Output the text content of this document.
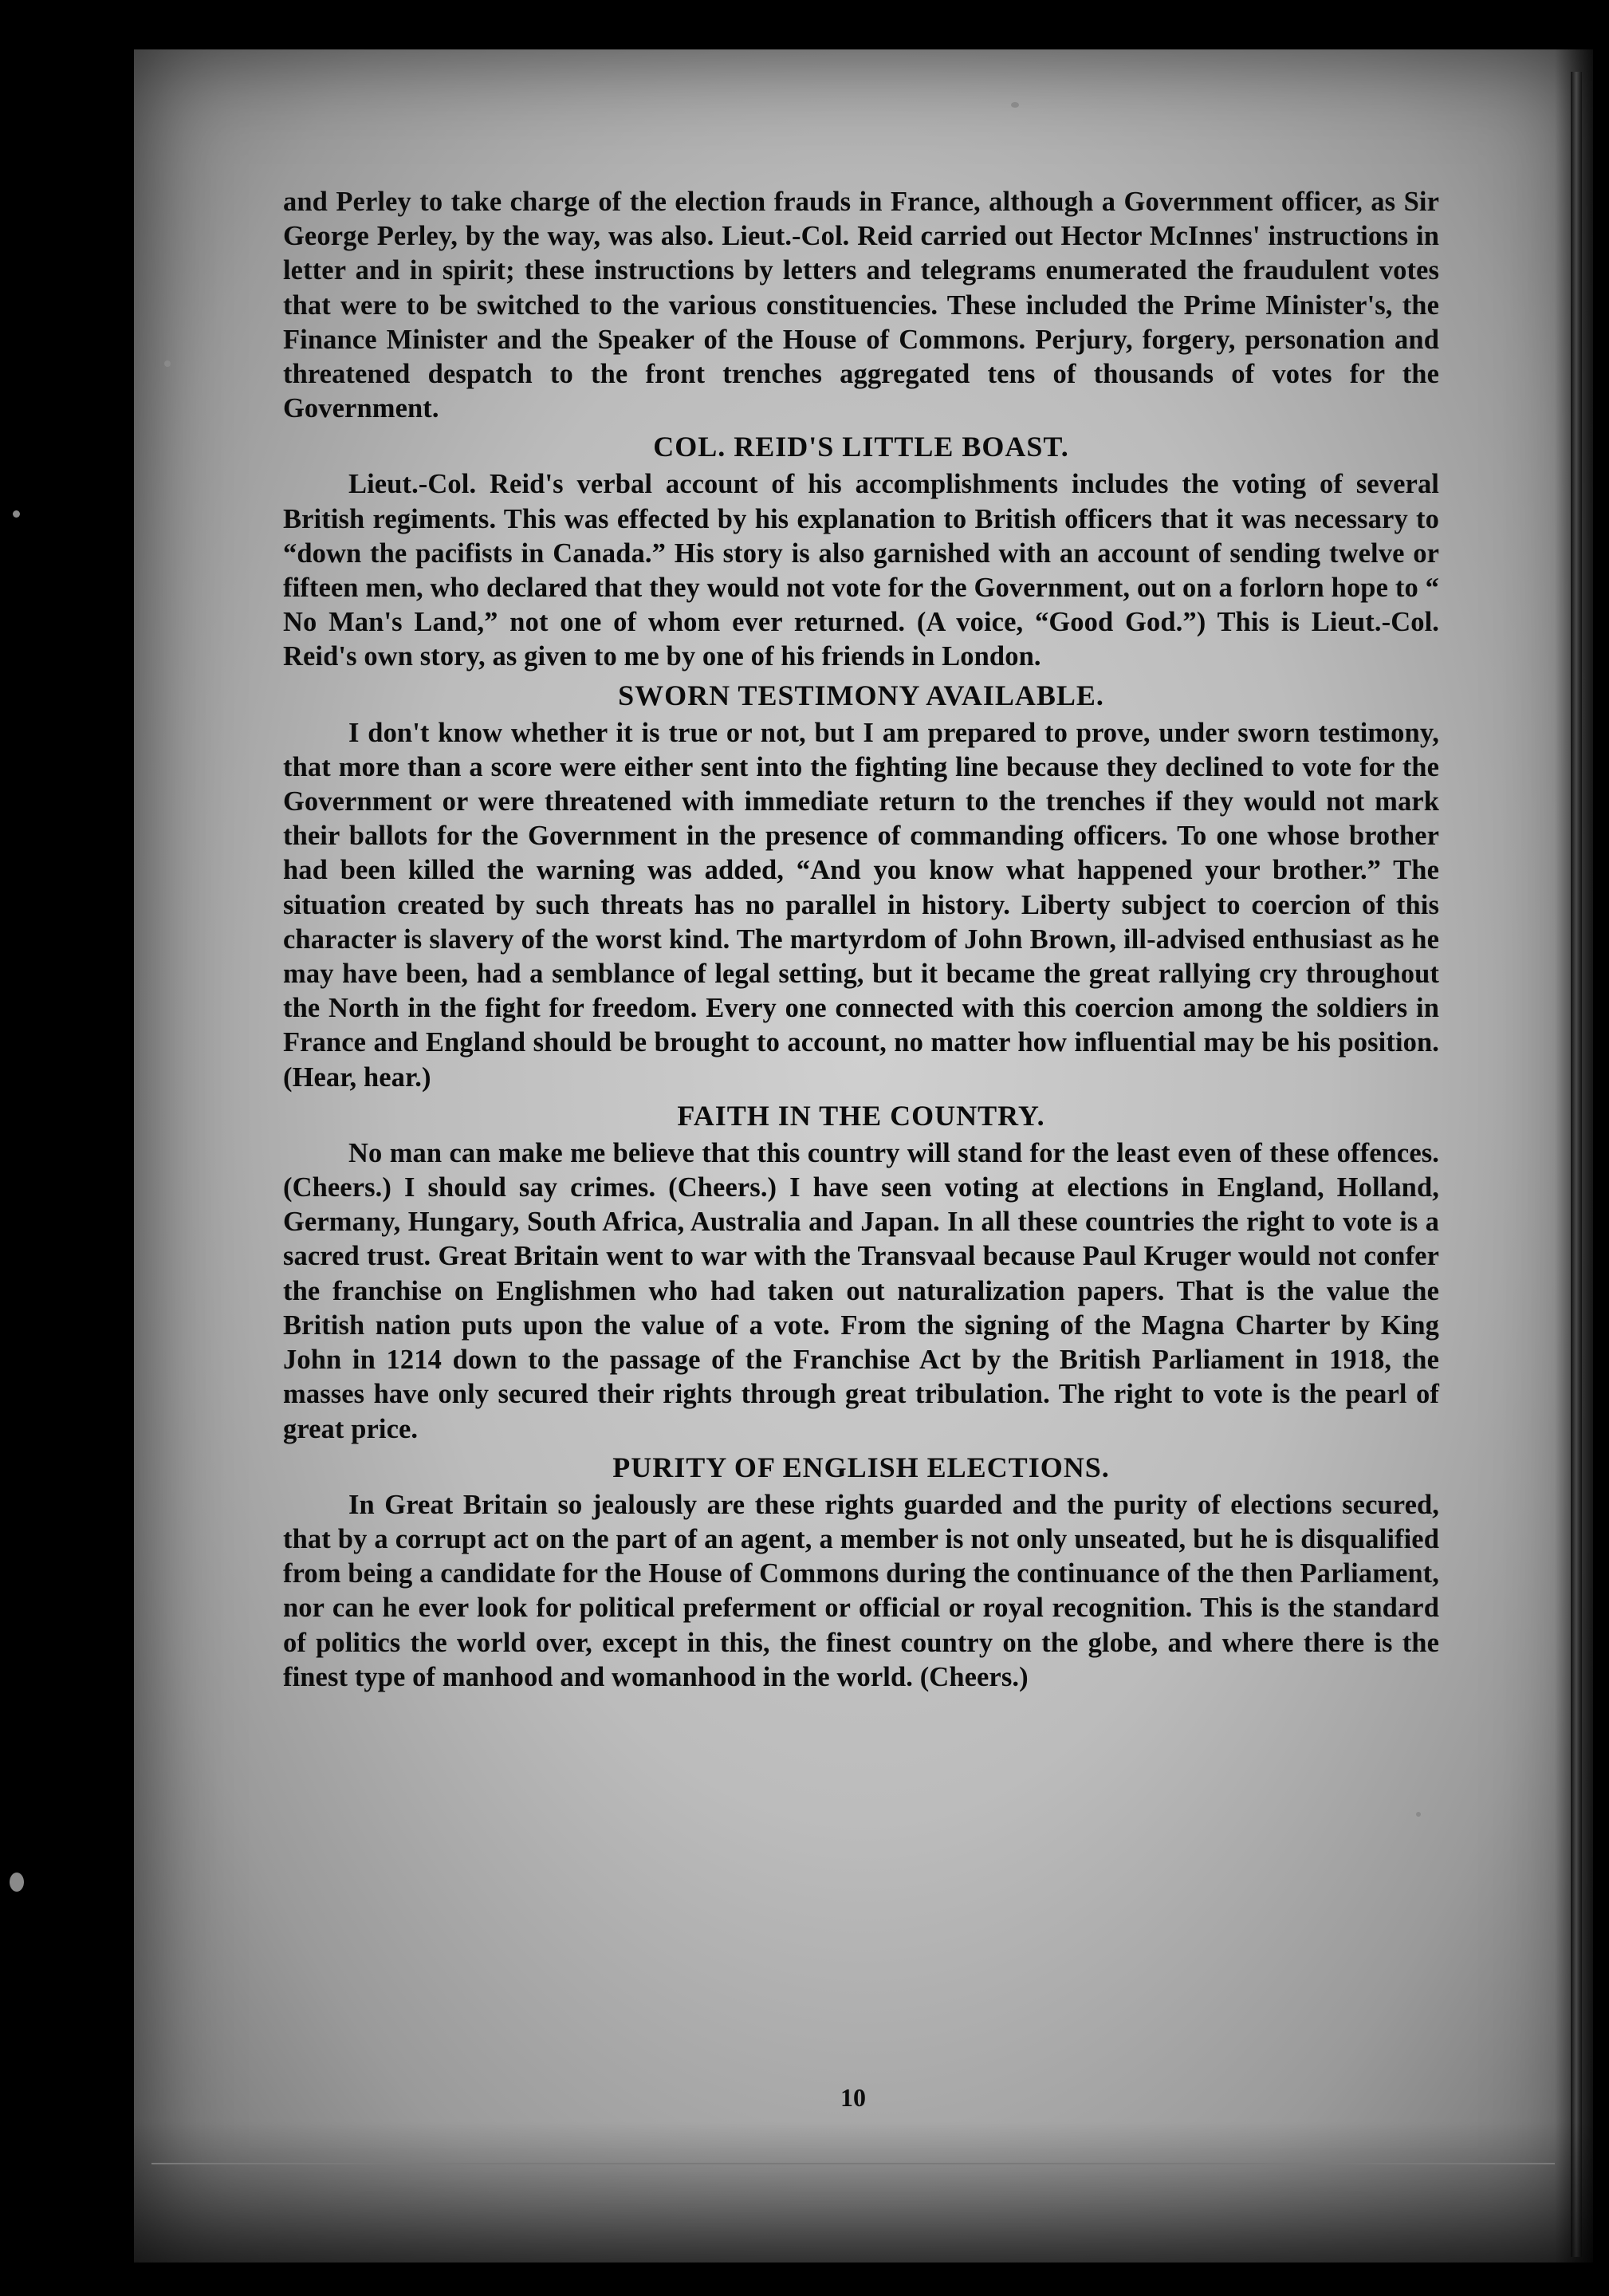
and Perley to take charge of the election frauds in France, although a Government officer, as Sir George Perley, by the way, was also. Lieut.-Col. Reid carried out Hector McInnes' instructions in letter and in spirit; these instructions by letters and telegrams enumerated the fraudulent votes that were to be switched to the various constituencies. These included the Prime Minister's, the Finance Minister and the Speaker of the House of Commons. Perjury, forgery, personation and threatened despatch to the front trenches aggregated tens of thousands of votes for the Government.

COL. REID'S LITTLE BOAST.

Lieut.-Col. Reid's verbal account of his accomplishments includes the voting of several British regiments. This was effected by his explanation to British officers that it was necessary to “down the pacifists in Canada.” His story is also garnished with an account of sending twelve or fifteen men, who declared that they would not vote for the Government, out on a forlorn hope to “ No Man's Land,” not one of whom ever returned. (A voice, “Good God.”) This is Lieut.-Col. Reid's own story, as given to me by one of his friends in London.

SWORN TESTIMONY AVAILABLE.

I don't know whether it is true or not, but I am prepared to prove, under sworn testimony, that more than a score were either sent into the fighting line because they declined to vote for the Government or were threatened with immediate return to the trenches if they would not mark their ballots for the Government in the presence of commanding officers. To one whose brother had been killed the warning was added, “And you know what happened your brother.” The situation created by such threats has no parallel in history. Liberty subject to coercion of this character is slavery of the worst kind. The martyrdom of John Brown, ill-advised enthusiast as he may have been, had a semblance of legal setting, but it became the great rallying cry throughout the North in the fight for freedom. Every one connected with this coercion among the soldiers in France and England should be brought to account, no matter how influential may be his position. (Hear, hear.)

FAITH IN THE COUNTRY.

No man can make me believe that this country will stand for the least even of these offences. (Cheers.) I should say crimes. (Cheers.) I have seen voting at elections in England, Holland, Germany, Hungary, South Africa, Australia and Japan. In all these countries the right to vote is a sacred trust. Great Britain went to war with the Transvaal because Paul Kruger would not confer the franchise on Englishmen who had taken out naturalization papers. That is the value the British nation puts upon the value of a vote. From the signing of the Magna Charter by King John in 1214 down to the passage of the Franchise Act by the British Parliament in 1918, the masses have only secured their rights through great tribulation. The right to vote is the pearl of great price.

PURITY OF ENGLISH ELECTIONS.

In Great Britain so jealously are these rights guarded and the purity of elections secured, that by a corrupt act on the part of an agent, a member is not only unseated, but he is disqualified from being a candidate for the House of Commons during the continuance of the then Parliament, nor can he ever look for political preferment or official or royal recognition. This is the standard of politics the world over, except in this, the finest country on the globe, and where there is the finest type of manhood and womanhood in the world. (Cheers.)

10
